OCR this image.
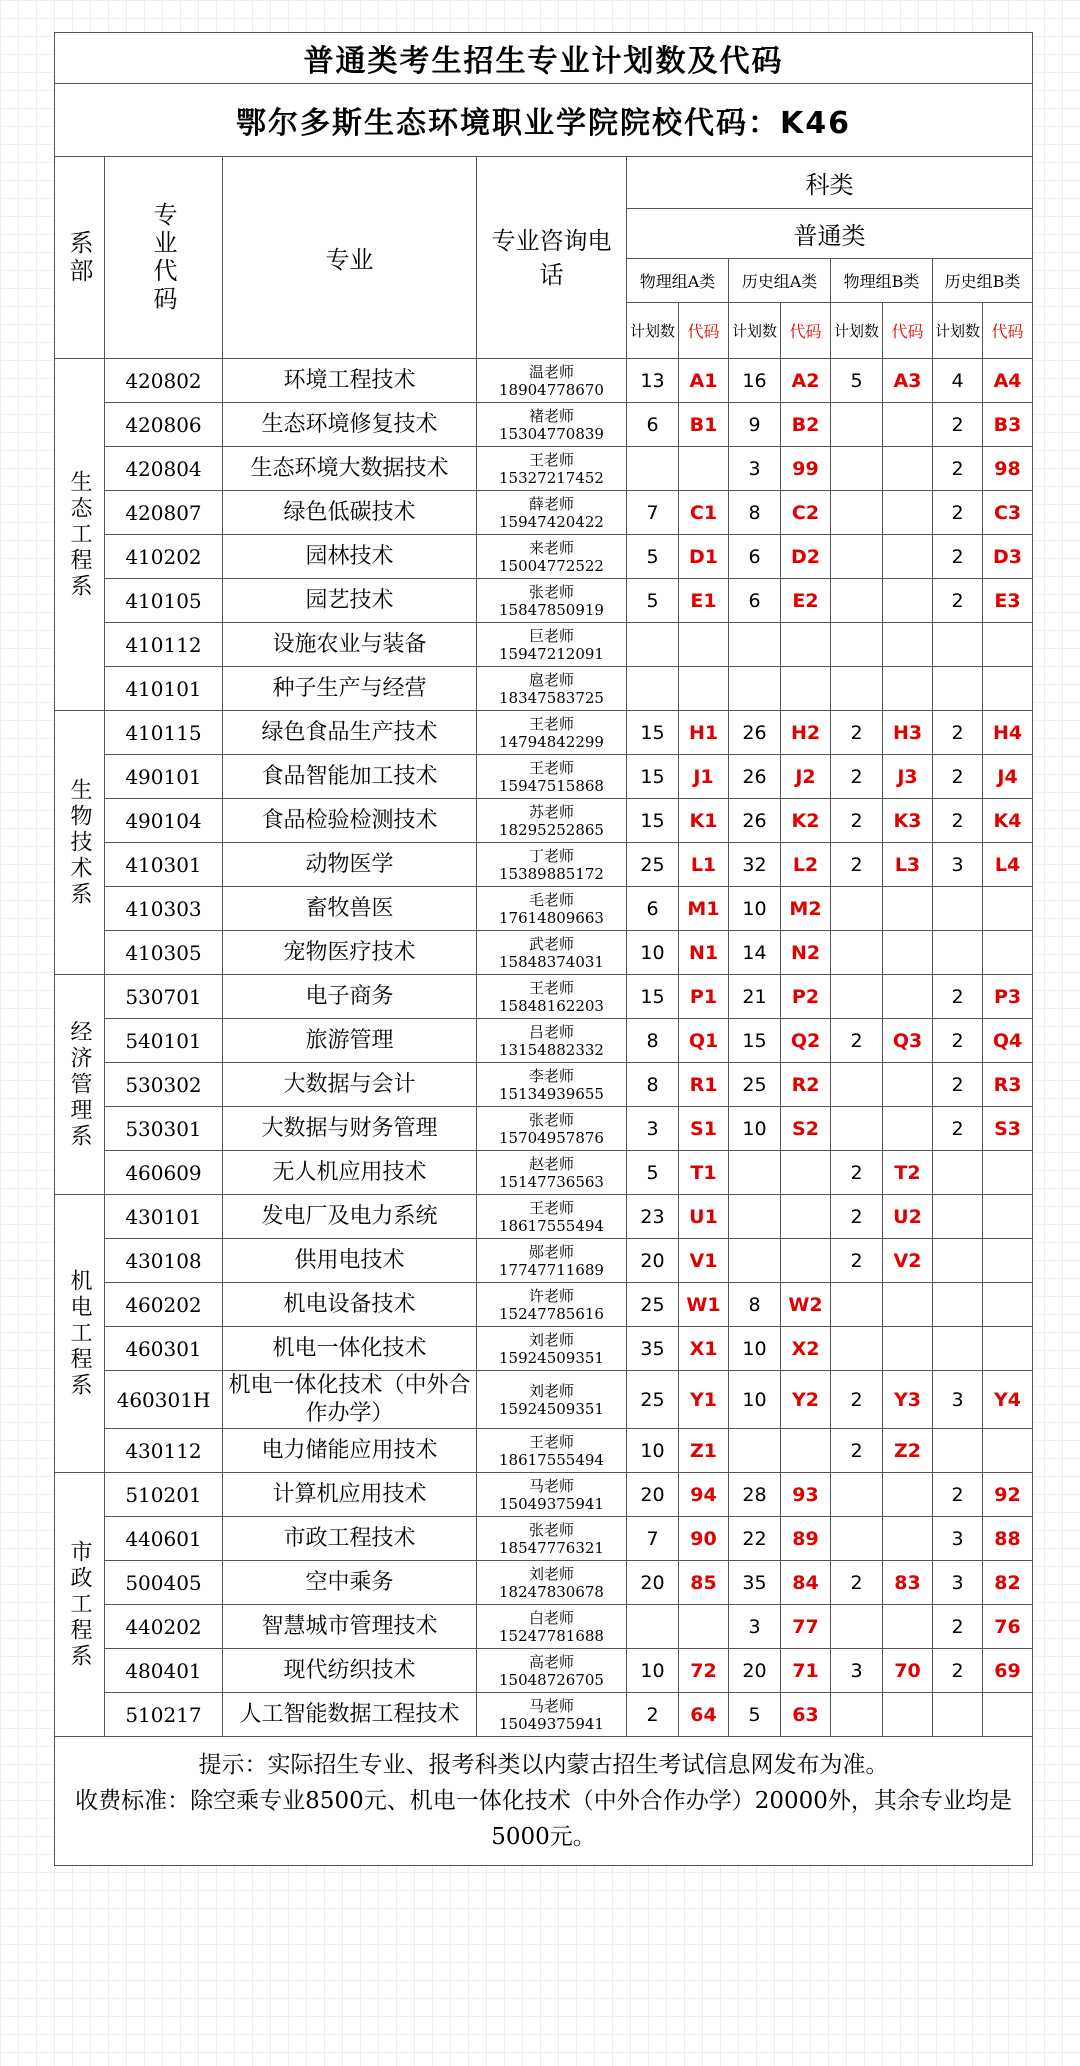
普通类考生招生专业计划数及代码											
鄂尔多斯生态环境职业学院院校代码：K46											

系部	专业代码	专业	专业咨询电话	科类							
				普通类							
				物理组A类		历史组A类		物理组B类		历史组B类	
				计划数	代码	计划数	代码	计划数	代码	计划数	代码

生态工程系	420802	环境工程技术	温老师
18904778670	13	A1	16	A2	5	A3	4	A4
	420806	生态环境修复技术	褚老师
15304770839	6	B1	9	B2			2	B3
	420804	生态环境大数据技术	王老师
15327217452			3	99			2	98
	420807	绿色低碳技术	薛老师
15947420422	7	C1	8	C2			2	C3
	410202	园林技术	来老师
15004772522	5	D1	6	D2			2	D3
	410105	园艺技术	张老师
15847850919	5	E1	6	E2			2	E3
	410112	设施农业与装备	巨老师
15947212091								

	410101	种子生产与经营	扈老师
18347583725								

生物技术系	410115	绿色食品生产技术	王老师
14794842299	15	H1	26	H2	2	H3	2	H4
	490101	食品智能加工技术	王老师
15947515868	15	J1	26	J2	2	J3	2	J4
	490104	食品检验检测技术	苏老师
18295252865	15	K1	26	K2	2	K3	2	K4
	410301	动物医学	丁老师
15389885172	25	L1	32	L2	2	L3	3	L4
	410303	畜牧兽医	毛老师
17614809663	6	M1	10	M2				
	410305	宠物医疗技术	武老师
15848374031	10	N1	14	N2				

经济管理系	530701	电子商务	王老师
15848162203	15	P1	21	P2			2	P3
	540101	旅游管理	吕老师
13154882332	8	Q1	15	Q2	2	Q3	2	Q4
	530302	大数据与会计	李老师
15134939655	8	R1	25	R2			2	R3
	530301	大数据与财务管理	张老师
15704957876	3	S1	10	S2			2	S3
	460609	无人机应用技术	赵老师
15147736563	5	T1			2	T2		

机电工程系	430101	发电厂及电力系统	王老师
18617555494	23	U1			2	U2		
	430108	供用电技术	郧老师
17747711689	20	V1			2	V2		
	460202	机电设备技术	许老师
15247785616	25	W1	8	W2				
	460301	机电一体化技术	刘老师
15924509351	35	X1	10	X2				
	460301H	机电一体化技术（中外合作办学）	刘老师
15924509351	25	Y1	10	Y2	2	Y3	3	Y4
	430112	电力储能应用技术	王老师
18617555494	10	Z1			2	Z2		

市政工程系	510201	计算机应用技术	马老师
15049375941	20	94	28	93			2	92
	440601	市政工程技术	张老师
18547776321	7	90	22	89			3	88
	500405	空中乘务	刘老师
18247830678	20	85	35	84	2	83	3	82
	440202	智慧城市管理技术	白老师
15247781688			3	77			2	76
	480401	现代纺织技术	高老师
15048726705	10	72	20	71	3	70	2	69
	510217	人工智能数据工程技术	马老师
15049375941	2	64	5	63				

提示：实际招生专业、报考科类以内蒙古招生考试信息网发布为准。
收费标准：除空乘专业8500元、机电一体化技术（中外合作办学）20000外，其余专业均是5000元。											
